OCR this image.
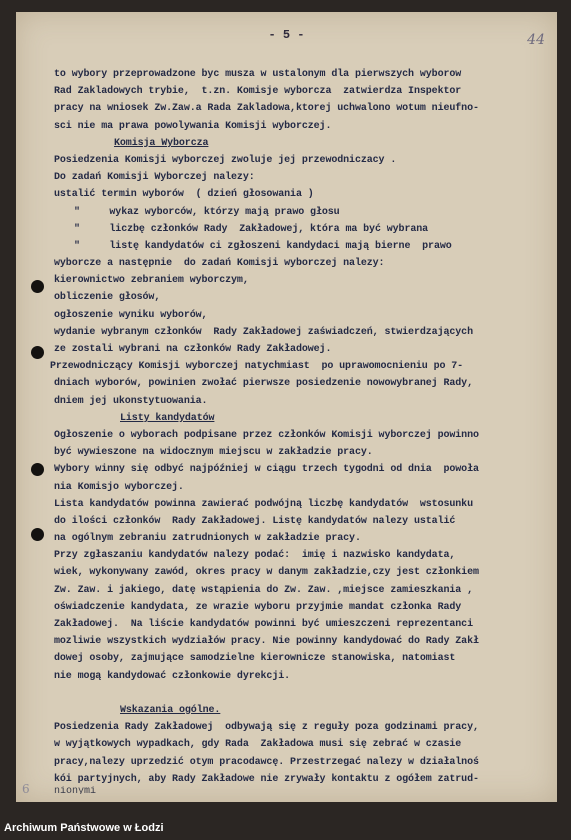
- 5 -	44
to wybory przeprowadzone byc musza w ustalonym dla pierwszych wyborow
Rad Zakladowych trybie,  t.zn. Komisje wyborcza  zatwierdza Inspektor
pracy na wniosek Zw.Zaw.a Rada Zakladowa,ktorej uchwalono wotum nieufno-
sci nie ma prawa powolywania Komisji wyborczej.
Komisja Wyborcza
Posiedzenia Komisji wyborczej zwoluje jej przewodniczacy .
Do zadań Komisji Wyborczej nalezy:
ustalić termin wyborów  ( dzień głosowania )
"     wykaz wyborców, którzy mają prawo głosu
"     liczbę członków Rady  Zakładowej, która ma być wybrana
"     listę kandydatów ci zgłoszeni kandydaci mają bierne  prawo
wyborcze a następnie  do zadań Komisji wyborczej nalezy:
kierownictwo zebraniem wyborczym,
obliczenie głosów,
ogłoszenie wyniku wyborów,
wydanie wybranym członków  Rady Zakładowej zaświadczeń, stwierdzających
ze zostali wybrani na członków Rady Zakładowej.
Przewodniczący Komisji wyborczej natychmiast  po uprawomocnieniu po 7-
dniach wyborów, powinien zwołać pierwsze posiedzenie nowowybranej Rady,
dniem jej ukonstytuowania.
Listy kandydatów
Ogłoszenie o wyborach podpisane przez członków Komisji wyborczej powinno
być wywieszone na widocznym miejscu w zakładzie pracy.
Wybory winny się odbyć najpóźniej w ciągu trzech tygodni od dnia  powoła
nia Komisjo wyborczej.
Lista kandydatów powinna zawierać podwójną liczbę kandydatów  wstosunku
do ilości członków  Rady Zakładowej. Listę kandydatów nalezy ustalić
na ogólnym zebraniu zatrudnionych w zakładzie pracy.
Przy zgłaszaniu kandydatów nalezy podać:  imię i nazwisko kandydata,
wiek, wykonywany zawód, okres pracy w danym zakładzie,czy jest członkiem
Zw. Zaw. i jakiego, datę wstąpienia do Zw. Zaw. ,miejsce zamieszkania ,
oświadczenie kandydata, ze wrazie wyboru przyjmie mandat członka Rady
Zakładowej.  Na liście kandydatów powinni być umieszczeni reprezentanci
mozliwie wszystkich wydziałów pracy. Nie powinny kandydować do Rady Zakł
dowej osoby, zajmujące samodzielne kierownicze stanowiska, natomiast
nie mogą kandydować członkowie dyrekcji.
Wskazania ogólne.
Posiedzenia Rady Zakładowej  odbywają się z reguły poza godzinami pracy,
w wyjątkowych wypadkach, gdy Rada  Zakładowa musi się zebrać w czasie
pracy,nalezy uprzedzić otym pracodawcę. Przestrzegać nalezy w działalnoś
kói partyjnych, aby Rady Zakładowe nie zrywały kontaktu z ogółem zatrud-
nionymi
6
Archiwum Państwowe w Łodzi
